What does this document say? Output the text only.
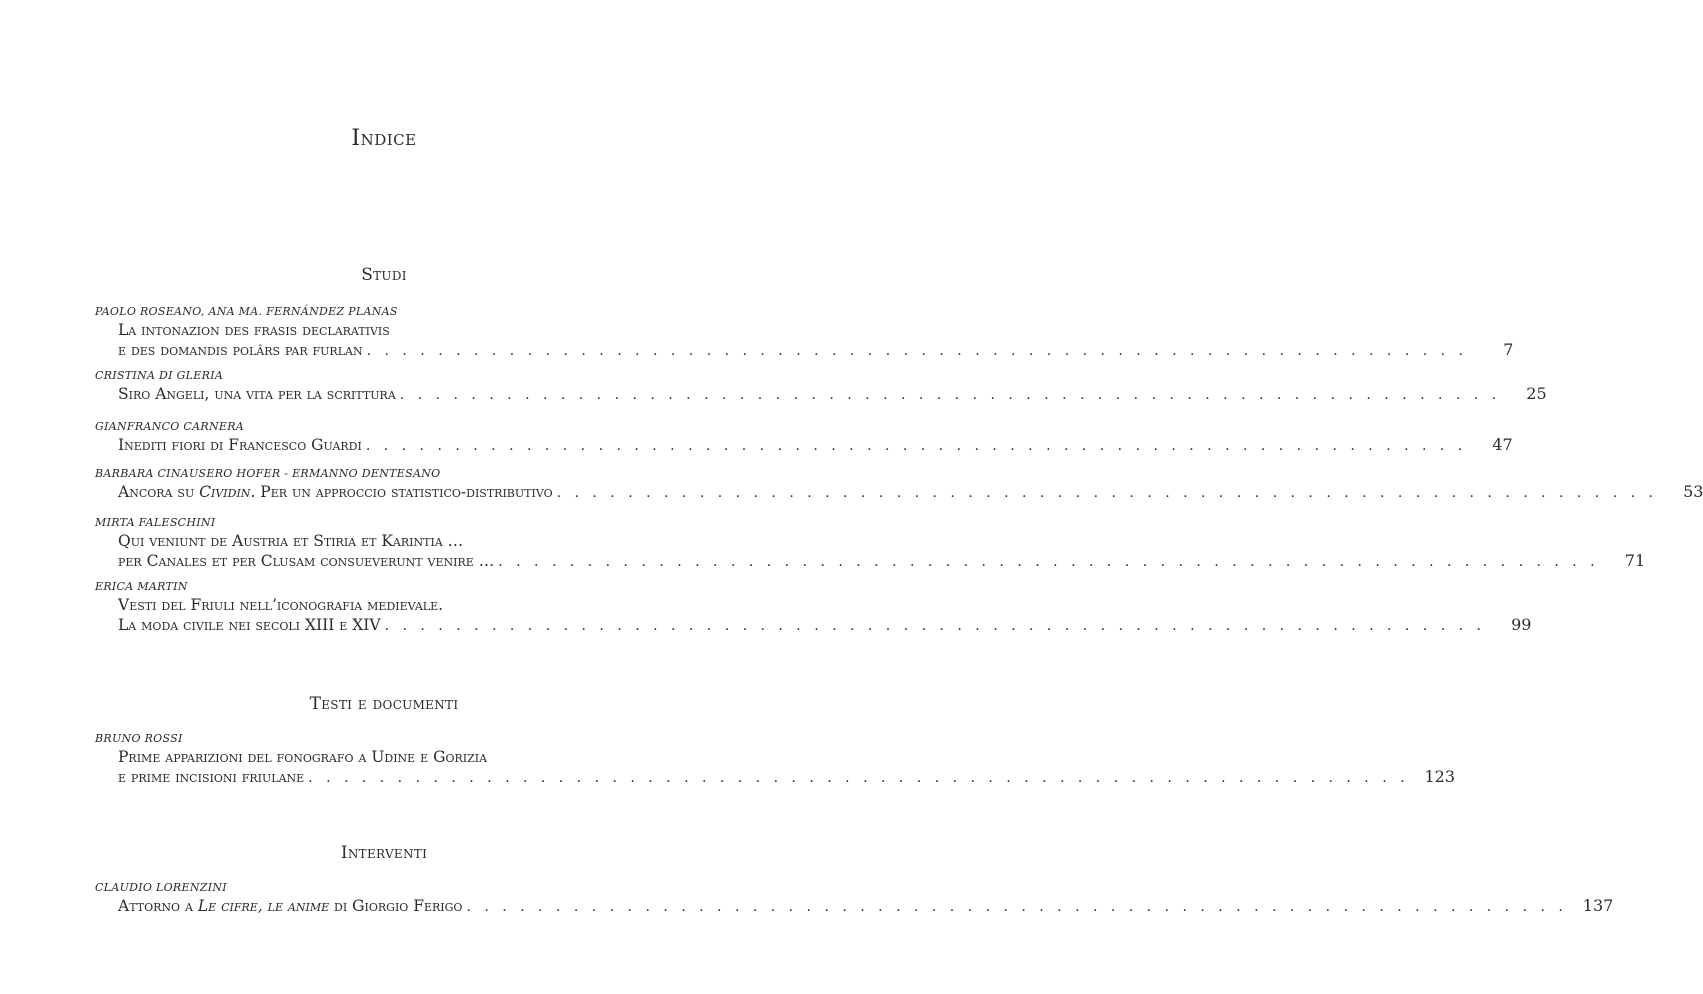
Indice
Studi
PAOLO ROSEANO, ANA MA. FERNÁNDEZ PLANAS
La intonazion des frasis declarativis
e des domandis polârs par furlan . . . . . . . . . . . . . . . . . . . . . . . . . . . . . . . . . . . . . . . . . . . . . . . . . . . . . . . . . . . . . .	7
CRISTINA DI GLERIA
Siro Angeli, una vita per la scrittura . . . . . . . . . . . . . . . . . . . . . . . . . . . . . . . . . . . . . . . . . . . . . . . . . . . . . . . . . . . . . .	25
GIANFRANCO CARNERA
Inediti fiori di Francesco Guardi . . . . . . . . . . . . . . . . . . . . . . . . . . . . . . . . . . . . . . . . . . . . . . . . . . . . . . . . . . . . . .	47
BARBARA CINAUSERO HOFER - ERMANNO DENTESANO
Ancora su Cividin. Per un approccio statistico-distributivo . . . . . . . . . . . . . . . . . . . . . . . . . . . . . . . . . . . . . . . . . . . . . . . . . . . . . . . . . . . . . .	53
MIRTA FALESCHINI
Qui veniunt de Austria et Stiria et Karintia …
per Canales et per Clusam consueverunt venire … . . . . . . . . . . . . . . . . . . . . . . . . . . . . . . . . . . . . . . . . . . . . . . . . . . . . . . . . . . . . . .	71
ERICA MARTIN
Vesti del Friuli nell’iconografia medievale.
La moda civile nei secoli XIII e XIV . . . . . . . . . . . . . . . . . . . . . . . . . . . . . . . . . . . . . . . . . . . . . . . . . . . . . . . . . . . . . .	99
Testi e documenti
BRUNO ROSSI
Prime apparizioni del fonografo a Udine e Gorizia
e prime incisioni friulane . . . . . . . . . . . . . . . . . . . . . . . . . . . . . . . . . . . . . . . . . . . . . . . . . . . . . . . . . . . . . . 123
Interventi
CLAUDIO LORENZINI
Attorno a Le cifre, le anime di Giorgio Ferigo . . . . . . . . . . . . . . . . . . . . . . . . . . . . . . . . . . . . . . . . . . . . . . . . . . . . . . . . . . . . . . 137
